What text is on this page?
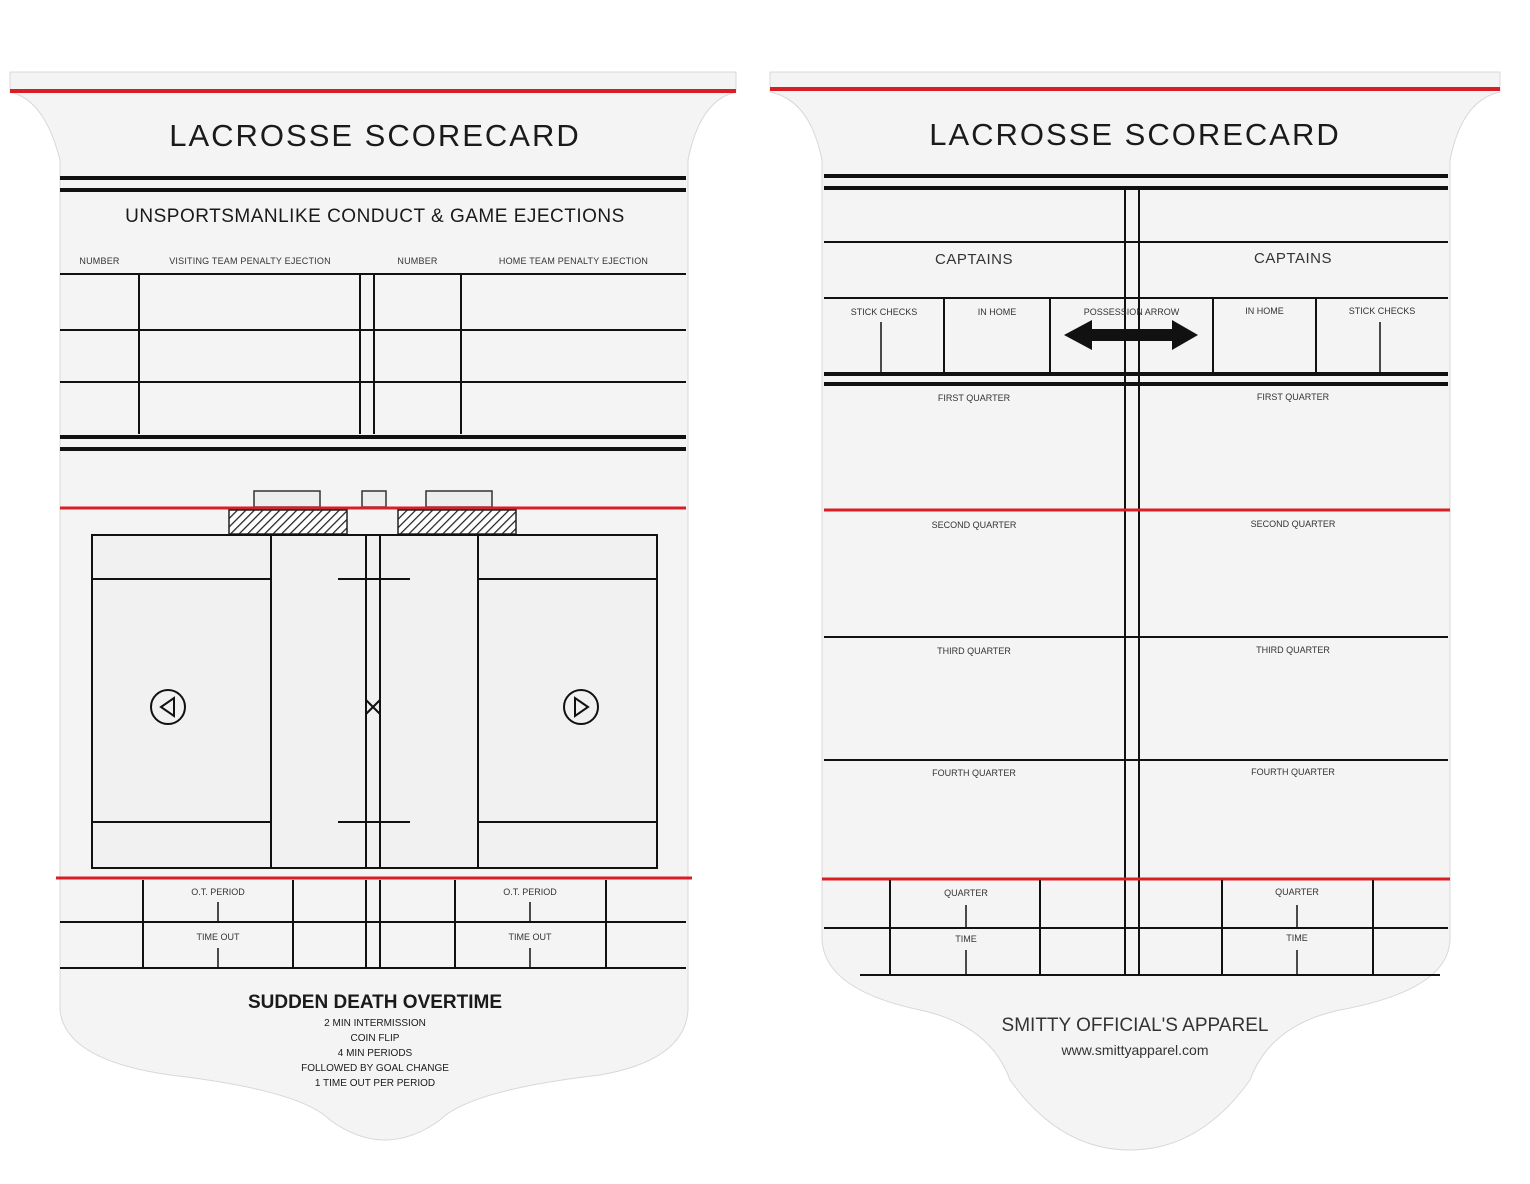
LACROSSE SCORECARD
UNSPORTSMANLIKE CONDUCT & GAME EJECTIONS
NUMBER	VISITING TEAM PENALTY EJECTION	NUMBER	HOME TEAM PENALTY EJECTION
O.T. PERIOD	O.T. PERIOD
TIME OUT	TIME OUT
SUDDEN DEATH OVERTIME
2 MIN INTERMISSION
COIN FLIP
4 MIN PERIODS
FOLLOWED BY GOAL CHANGE
1 TIME OUT PER PERIOD
LACROSSE SCORECARD
CAPTAINS	CAPTAINS
STICK CHECKS	IN HOME	POSSESSION ARROW	IN HOME	STICK CHECKS
FIRST QUARTER	FIRST QUARTER
SECOND QUARTER	SECOND QUARTER
THIRD QUARTER	THIRD QUARTER
FOURTH QUARTER	FOURTH QUARTER
QUARTER	QUARTER
TIME	TIME
SMITTY OFFICIAL'S APPAREL
www.smittyapparel.com
